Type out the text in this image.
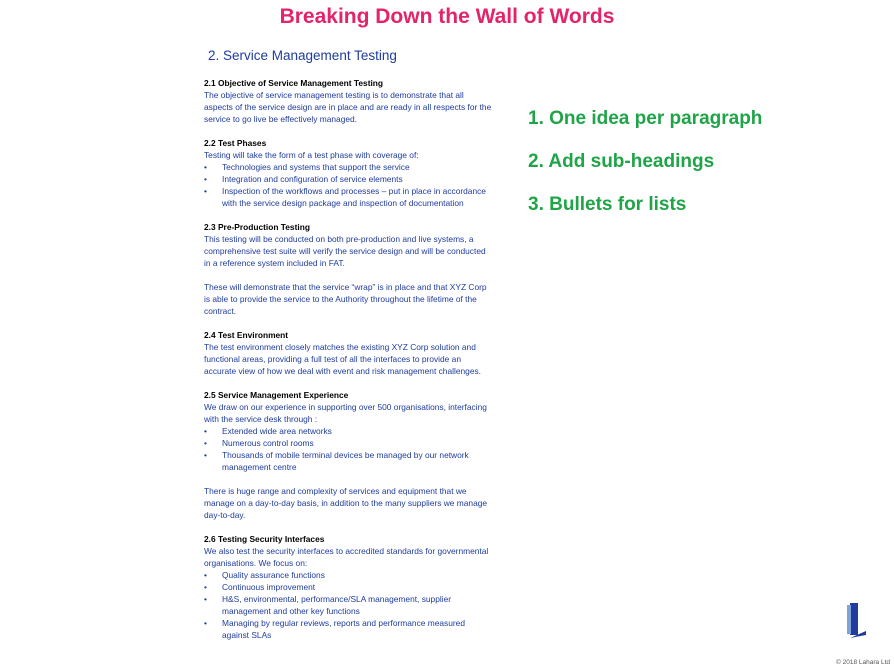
Breaking Down the Wall of Words
2. Service Management Testing
2.1 Objective of Service Management Testing

The objective of service management testing is to demonstrate that all aspects of the service design are in place and are ready in all respects for the service to go live be effectively managed.

2.2 Test Phases

Testing will take the form of a test phase with coverage of:

• Technologies and systems that support the service
• Integration and configuration of service elements
• Inspection of the workflows and processes – put in place in accordance with the service design package and inspection of documentation
2.3 Pre-Production Testing

This testing will be conducted on both pre-production and live systems, a comprehensive test suite will verify the service design and will be conducted in a reference system included in FAT.

These will demonstrate that the service “wrap” is in place and that XYZ Corp is able to provide the service to the Authority throughout the lifetime of the contract.

2.4 Test Environment

The test environment closely matches the existing XYZ Corp solution and functional areas, providing a full test of all the interfaces to provide an accurate view of how we deal with event and risk management challenges.

2.5 Service Management Experience

We draw on our experience in supporting over 500 organisations, interfacing with the service desk through :

• Extended wide area networks
• Numerous control rooms
• Thousands of mobile terminal devices be managed by our network management centre

There is huge range and complexity of services and equipment that we manage on a day-to-day basis, in addition to the many suppliers we manage day-to-day.

2.6 Testing Security Interfaces

We also test the security interfaces to accredited standards for governmental organisations. We focus on:

• Quality assurance functions
• Continuous improvement
• H&S, environmental, performance/SLA management, supplier management and other key functions
• Managing by regular reviews, reports and performance measured against SLAs

1. One idea per paragraph

2. Add sub-headings

3. Bullets for lists

© 2018 Lahara Ltd
